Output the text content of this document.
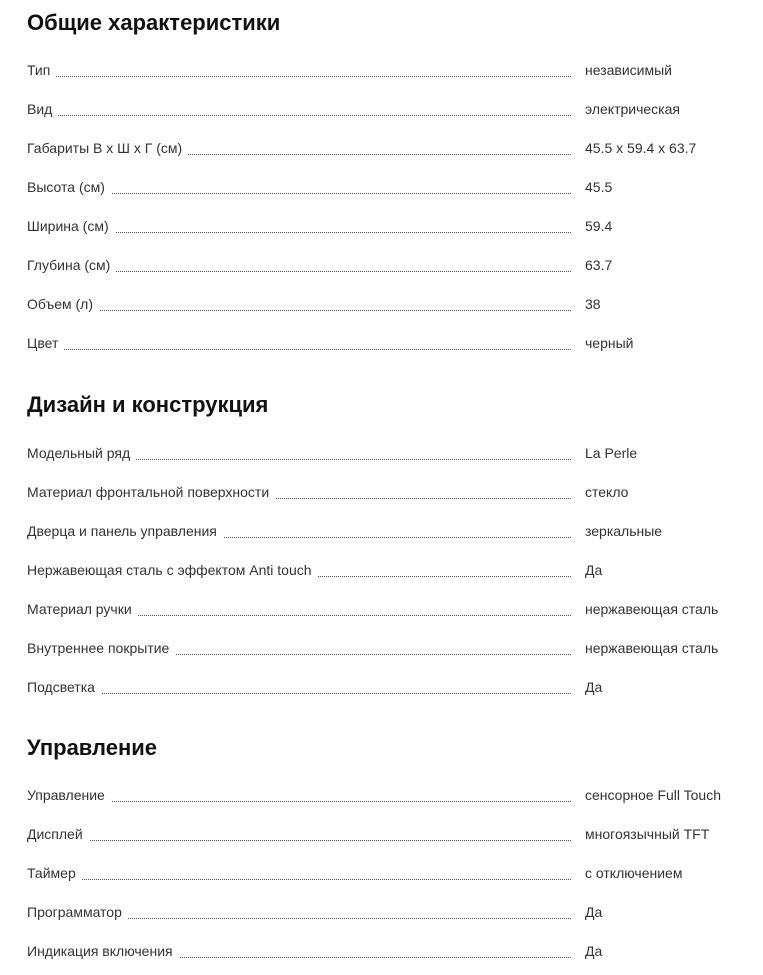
Общие характеристики
Тип	независимый
Вид	электрическая
Габариты В x Ш x Г (см)	45.5 x 59.4 x 63.7
Высота (см)	45.5
Ширина (см)	59.4
Глубина (см)	63.7
Объем (л)	38
Цвет	черный
Дизайн и конструкция
Модельный ряд	La Perle
Материал фронтальной поверхности	стекло
Дверца и панель управления	зеркальные
Нержавеющая сталь с эффектом Anti touch	Да
Материал ручки	нержавеющая сталь
Внутреннее покрытие	нержавеющая сталь
Подсветка	Да
Управление
Управление	сенсорное Full Touch
Дисплей	многоязычный TFT
Таймер	с отключением
Программатор	Да
Индикация включения	Да
